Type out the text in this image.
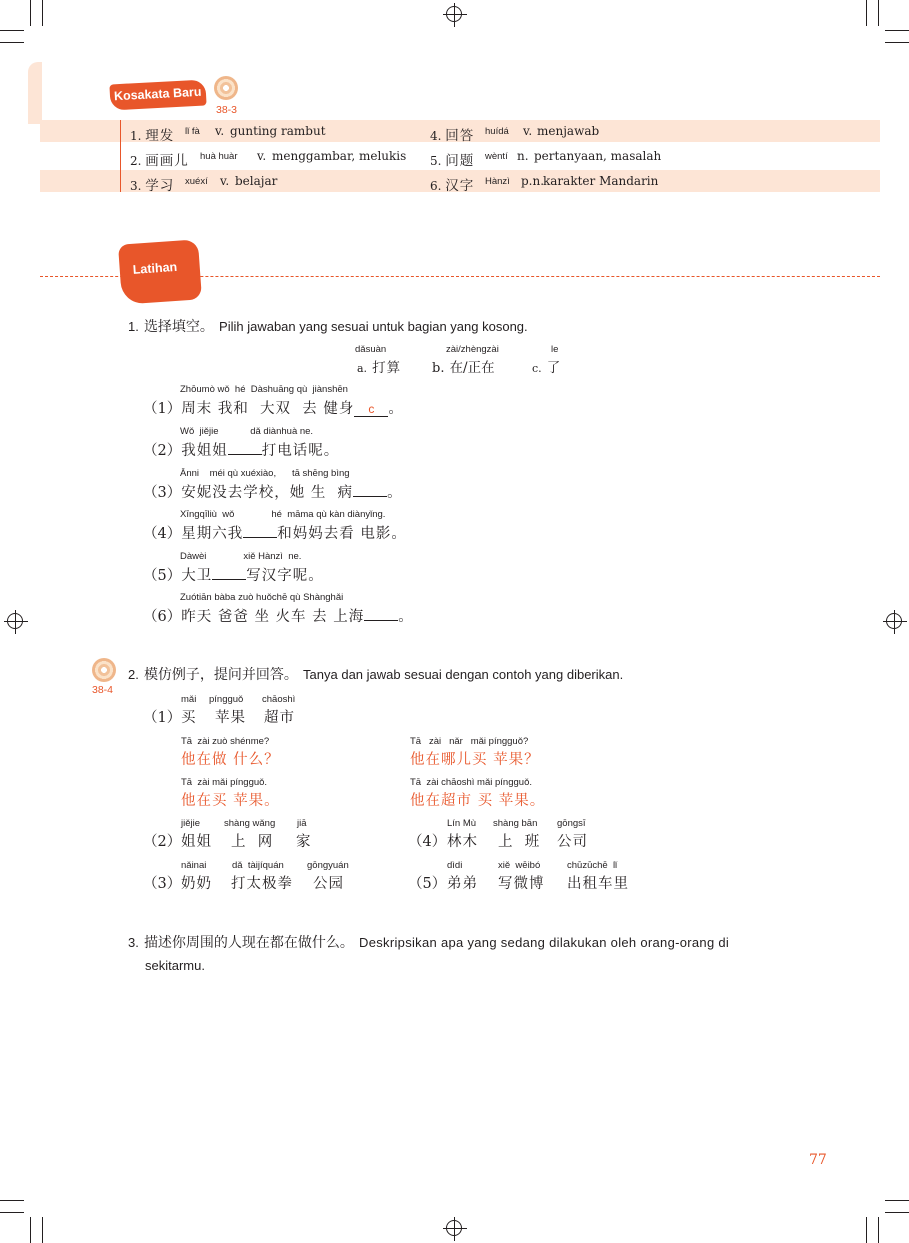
Kosakata Baru
38-3
1. 理发 lǐ fà v. gunting rambut	4. 回答 huídá v. menjawab
2. 画画儿 huà huàr v. menggambar, melukis 5. 问题 wèntí n. pertanyaan, masalah
3. 学习 xuéxí v. belajar	6. 汉字 Hànzì p.n.
karakter Mandarin
Latihan
1. 选择填空。 Pilih jawaban yang sesuai untuk bagian yang kosong.
dǎsuàn
a. 打算
zài/zhèngzài
b. 在/正在
le
c. 了
Zhōumò wǒ  hé  Dàshuāng qù  jiànshēn
（1）周末 我和  大双  去 健身 c 。
Wǒ  jiějie            dǎ diànhuà ne.
（2）我姐姐 打电话呢。
Ānni    méi qù xuéxiào,      tā shēng bìng
（3）安妮没去学校，她 生  病 。
Xīngqīliù  wǒ              hé  māma qù kàn diànyǐng.
（4）星期六我 和妈妈去看 电影。
Dàwèi              xiě Hànzì  ne.
（5）大卫 写汉字呢。
Zuótiān bàba zuò huǒchē qù Shànghǎi
（6）昨天 爸爸 坐 火车 去 上海 。
38-4
2. 模仿例子，提问并回答。 Tanya dan jawab sesuai dengan contoh yang diberikan.
（1）
mǎi
买
píngguǒ
苹果
chāoshì
超市
Tā  zài zuò shénme?
他在做 什么？
Tā   zài   nǎr   mǎi píngguǒ?
他在哪儿买 苹果？
Tā  zài mǎi píngguǒ.
他在买 苹果。
Tā  zài chāoshì mǎi píngguǒ.
他在超市 买 苹果。
（2）
jiějie
姐姐
shàng wǎng
上  网
jiā
家
（3）
nǎinai
奶奶
dǎ  tàijíquán
打太极拳
gōngyuán
公园
（4）
Lín Mù
林木
shàng bān
上  班
gōngsī
公司
（5）
dìdi
弟弟
xiě  wēibó
写微博
chūzūchē  lǐ
出租车里
3. 描述你周围的人现在都在做什么。 Deskripsikan apa yang sedang dilakukan oleh orang-orang di
sekitarmu.
77
